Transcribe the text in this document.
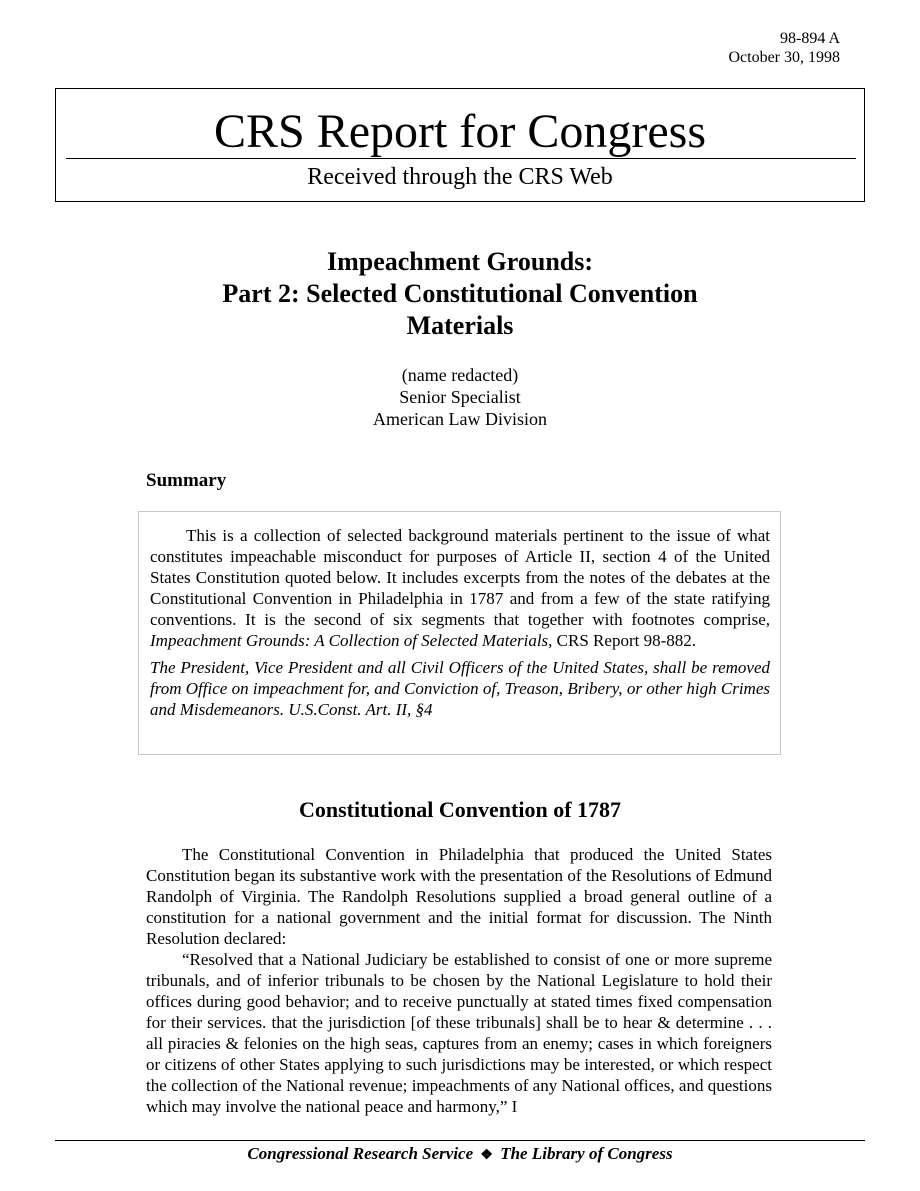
98-894 A
October 30, 1998
CRS Report for Congress
Received through the CRS Web
Impeachment Grounds:
Part 2: Selected Constitutional Convention
Materials
(name redacted)
Senior Specialist
American Law Division
Summary

This is a collection of selected background materials pertinent to the issue of what constitutes impeachable misconduct for purposes of Article II, section 4 of the United States Constitution quoted below. It includes excerpts from the notes of the debates at the Constitutional Convention in Philadelphia in 1787 and from a few of the state ratifying conventions. It is the second of six segments that together with footnotes comprise, Impeachment Grounds: A Collection of Selected Materials, CRS Report 98-882.

The President, Vice President and all Civil Officers of the United States, shall be removed from Office on impeachment for, and Conviction of, Treason, Bribery, or other high Crimes and Misdemeanors. U.S.Const. Art. II, §4

Constitutional Convention of 1787

The Constitutional Convention in Philadelphia that produced the United States Constitution began its substantive work with the presentation of the Resolutions of Edmund Randolph of Virginia. The Randolph Resolutions supplied a broad general outline of a constitution for a national government and the initial format for discussion. The Ninth Resolution declared:

“Resolved that a National Judiciary be established to consist of one or more supreme tribunals, and of inferior tribunals to be chosen by the National Legislature to hold their offices during good behavior; and to receive punctually at stated times fixed compensation for their services. that the jurisdiction [of these tribunals] shall be to hear & determine . . . all piracies & felonies on the high seas, captures from an enemy; cases in which foreigners or citizens of other States applying to such jurisdictions may be interested, or which respect the collection of the National revenue; impeachments of any National offices, and questions which may involve the national peace and harmony,” I

Congressional Research Service ❖ The Library of Congress
